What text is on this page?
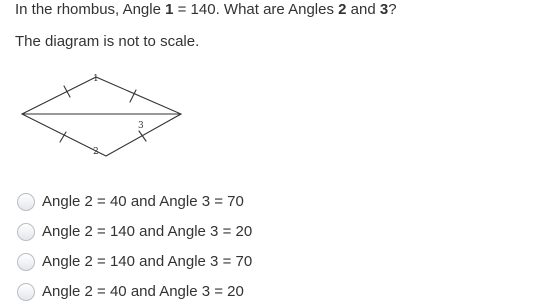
In the rhombus, Angle 1 = 140. What are Angles 2 and 3?
The diagram is not to scale.
1
2
3
Angle 2 = 40 and Angle 3 = 70
Angle 2 = 140 and Angle 3 = 20
Angle 2 = 140 and Angle 3 = 70
Angle 2 = 40 and Angle 3 = 20
